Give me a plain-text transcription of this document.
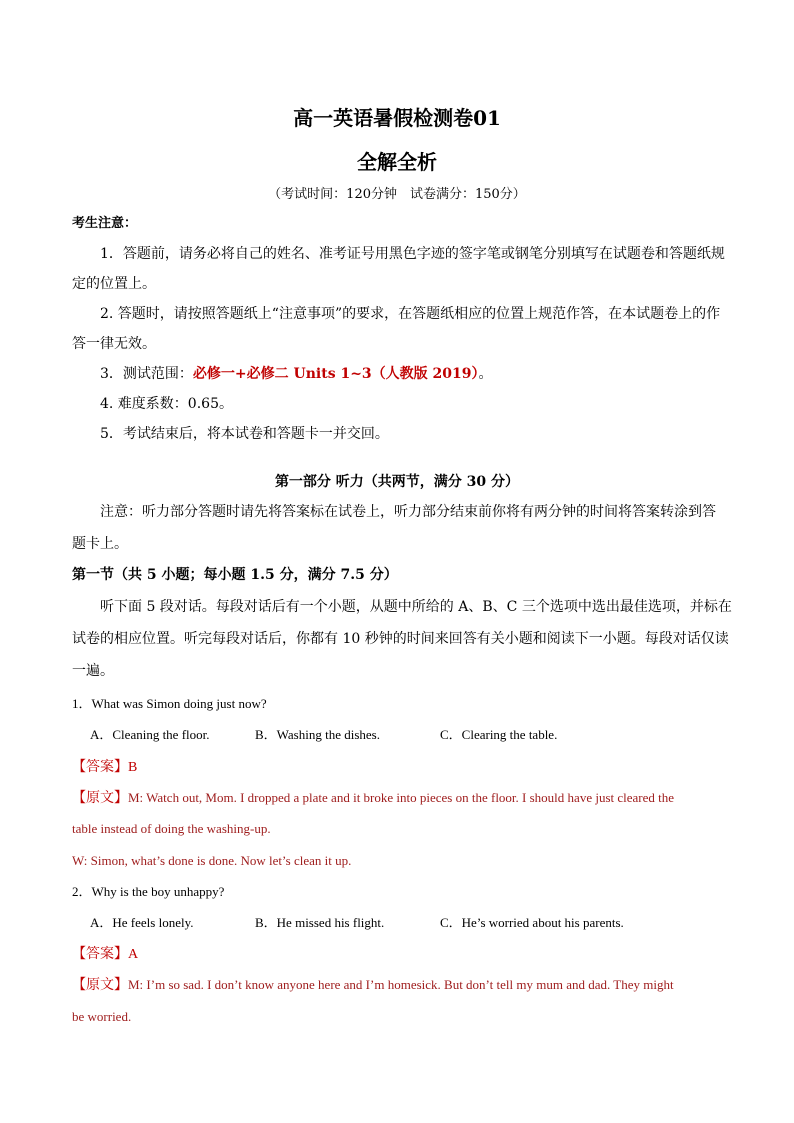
高一英语暑假检测卷01
全解全析
（考试时间：120分钟　试卷满分：150分）
考生注意：
1．答题前，请务必将自己的姓名、准考证号用黑色字迹的签字笔或钢笔分别填写在试题卷和答题纸规
定的位置上。
2. 答题时，请按照答题纸上“注意事项”的要求，在答题纸相应的位置上规范作答，在本试题卷上的作
答一律无效。
3．测试范围：必修一+必修二 Units 1~3（人教版 2019）。
4. 难度系数：0.65。
5．考试结束后，将本试卷和答题卡一并交回。
第一部分 听力（共两节，满分 30 分）
注意：听力部分答题时请先将答案标在试卷上，听力部分结束前你将有两分钟的时间将答案转涂到答
题卡上。
第一节（共 5 小题；每小题 1.5 分，满分 7.5 分）
听下面 5 段对话。每段对话后有一个小题，从题中所给的 A、B、C 三个选项中选出最佳选项，并标在
试卷的相应位置。听完每段对话后，你都有 10 秒钟的时间来回答有关小题和阅读下一小题。每段对话仅读
一遍。
1．What was Simon doing just now?
A．Cleaning the floor.	B．Washing the dishes.	C．Clearing the table.
【答案】B
【原文】M: Watch out, Mom. I dropped a plate and it broke into pieces on the floor. I should have just cleared the
table instead of doing the washing-up.
W: Simon, what’s done is done. Now let’s clean it up.
2．Why is the boy unhappy?
A．He feels lonely.	B．He missed his flight.	C．He’s worried about his parents.
【答案】A
【原文】M: I’m so sad. I don’t know anyone here and I’m homesick. But don’t tell my mum and dad. They might
be worried.
